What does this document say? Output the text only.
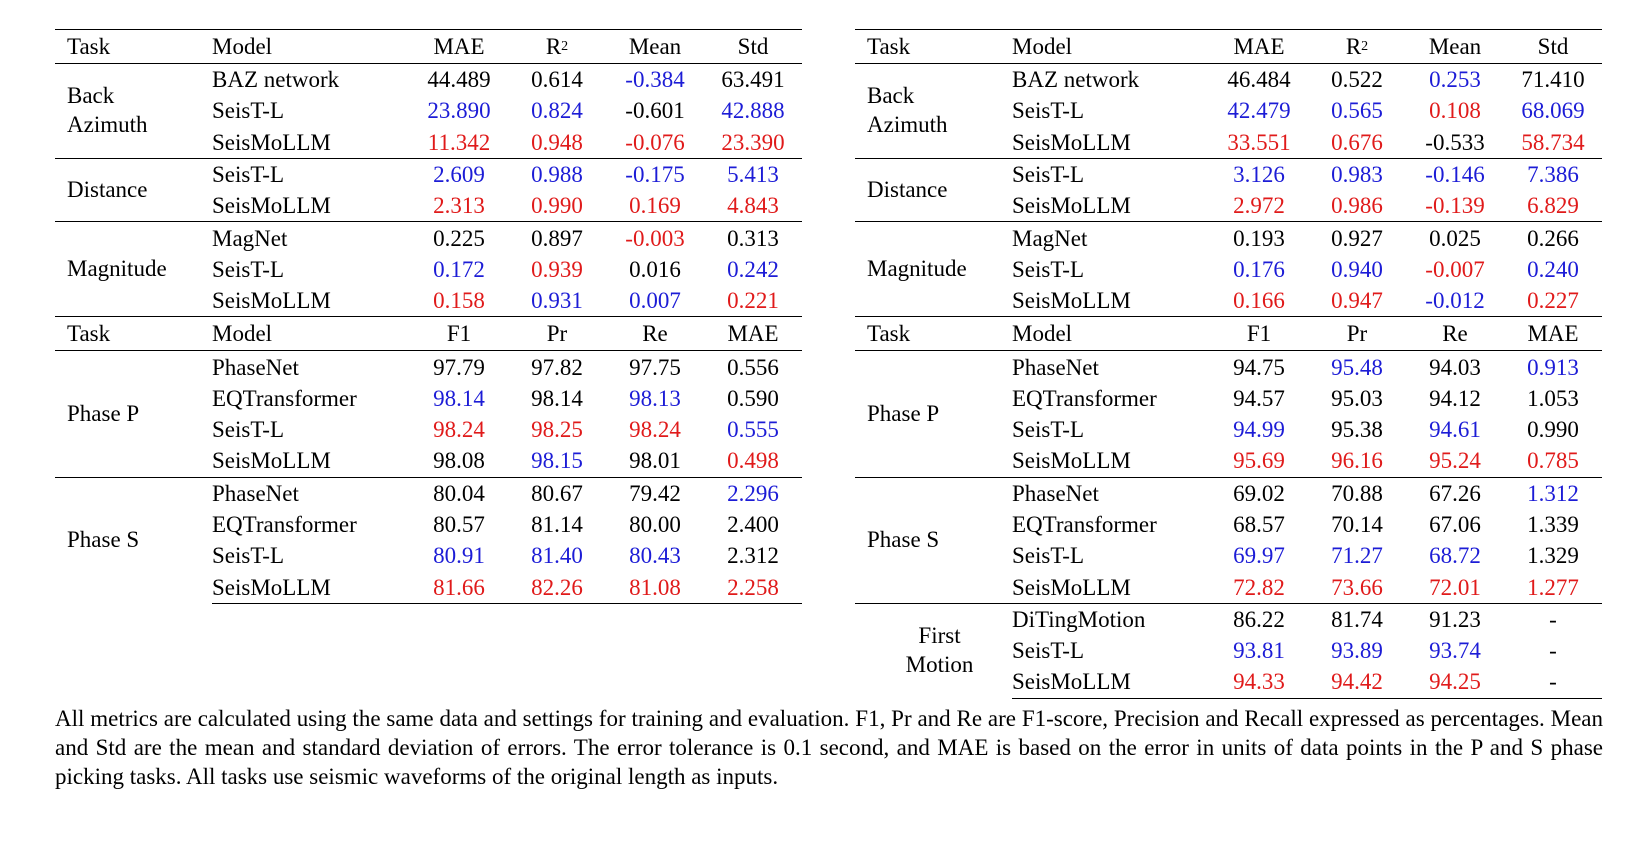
Task	Model	MAE	$R^2$	Mean	Std
Back
Azimuth	BAZ network	44.489	0.614	-0.384	63.491
	SeisT-L	23.890	0.824	-0.601	42.888
	SeisMoLLM	11.342	0.948	-0.076	23.390
Distance	SeisT-L	2.609	0.988	-0.175	5.413
	SeisMoLLM	2.313	0.990	0.169	4.843
Magnitude	MagNet	0.225	0.897	-0.003	0.313
	SeisT-L	0.172	0.939	0.016	0.242
	SeisMoLLM	0.158	0.931	0.007	0.221
Task	Model	F1	Pr	Re	MAE
Phase P	PhaseNet	97.79	97.82	97.75	0.556
	EQTransformer	98.14	98.14	98.13	0.590
	SeisT-L	98.24	98.25	98.24	0.555
	SeisMoLLM	98.08	98.15	98.01	0.498
Phase S	PhaseNet	80.04	80.67	79.42	2.296
	EQTransformer	80.57	81.14	80.00	2.400
	SeisT-L	80.91	81.40	80.43	2.312
	SeisMoLLM	81.66	82.26	81.08	2.258
Task	Model	MAE	$R^2$	Mean	Std
Back
Azimuth	BAZ network	46.484	0.522	0.253	71.410
	SeisT-L	42.479	0.565	0.108	68.069
	SeisMoLLM	33.551	0.676	-0.533	58.734
Distance	SeisT-L	3.126	0.983	-0.146	7.386
	SeisMoLLM	2.972	0.986	-0.139	6.829
Magnitude	MagNet	0.193	0.927	0.025	0.266
	SeisT-L	0.176	0.940	-0.007	0.240
	SeisMoLLM	0.166	0.947	-0.012	0.227
Task	Model	F1	Pr	Re	MAE
Phase P	PhaseNet	94.75	95.48	94.03	0.913
	EQTransformer	94.57	95.03	94.12	1.053
	SeisT-L	94.99	95.38	94.61	0.990
	SeisMoLLM	95.69	96.16	95.24	0.785
Phase S	PhaseNet	69.02	70.88	67.26	1.312
	EQTransformer	68.57	70.14	67.06	1.339
	SeisT-L	69.97	71.27	68.72	1.329
	SeisMoLLM	72.82	73.66	72.01	1.277
First
Motion	DiTingMotion	86.22	81.74	91.23	-
	SeisT-L	93.81	93.89	93.74	-
	SeisMoLLM	94.33	94.42	94.25	-

All metrics are calculated using the same data and settings for training and evaluation. F1, Pr and Re are F1-score, Precision and Recall expressed as percentages. Mean and Std are the mean and standard deviation of errors. The error tolerance is 0.1 second, and MAE is based on the error in units of data points in the P and S phase picking tasks. All tasks use seismic waveforms of the original length as inputs.
